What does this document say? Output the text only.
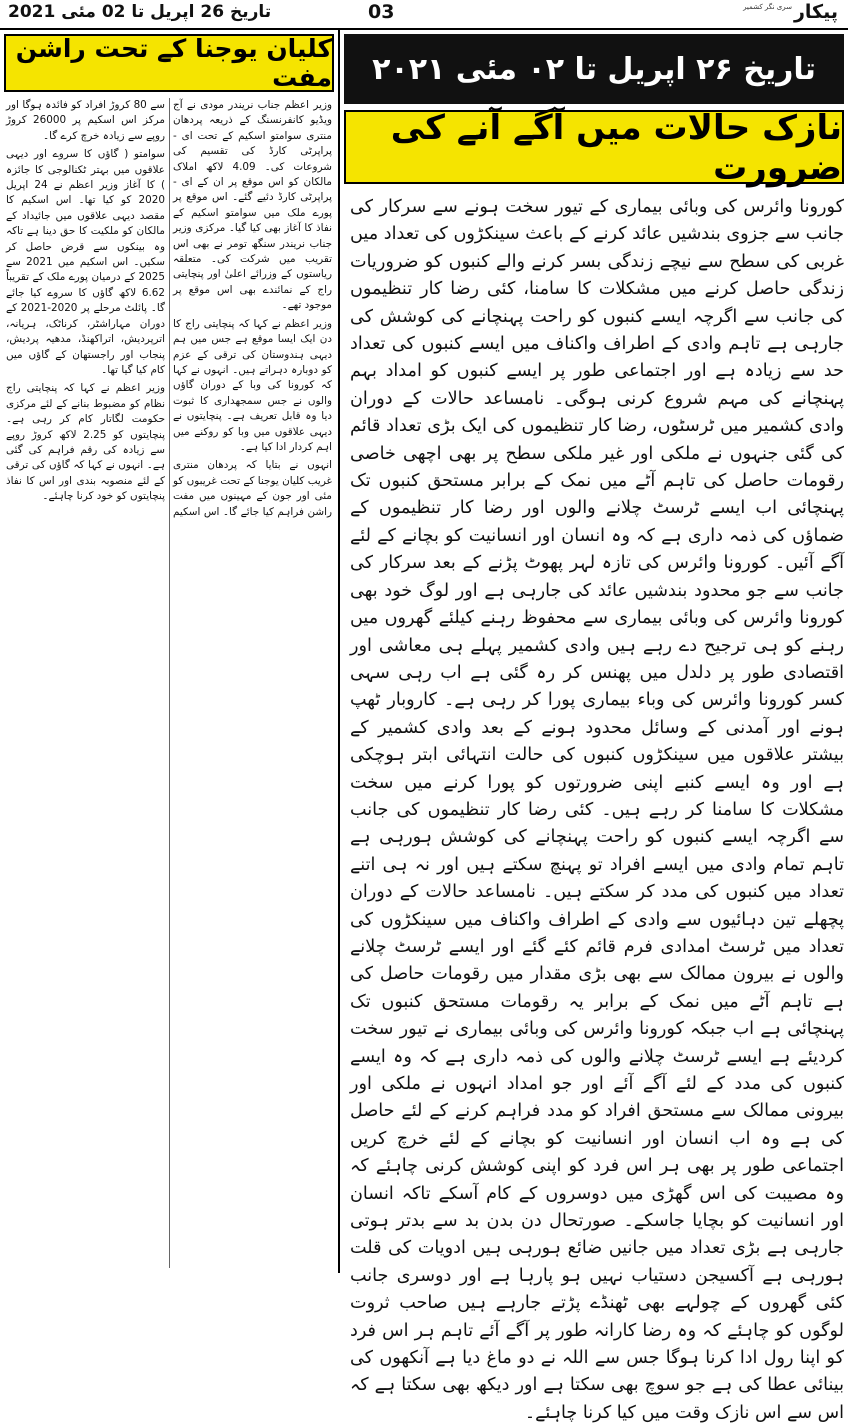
تاریخ 26 اپریل تا 02 مئی 2021	03	سری نگر کشمیر پیکار
کلیان یوجنا کے تحت راشن مفت

وزیر اعظم جناب نریندر مودی نے آج ویڈیو کانفرنسنگ کے ذریعہ پردھان منتری سوامتو اسکیم کے تحت ای - پراپرٹی کارڈ کی تقسیم کی شروعات کی۔ 4.09 لاکھ املاک مالکان کو اس موقع پر ان کے ای - پراپرٹی کارڈ دئیے گئے۔ اس موقع پر پورے ملک میں سوامتو اسکیم کے نفاذ کا آغاز بھی کیا گیا۔ مرکزی وزیر جناب نریندر سنگھ تومر نے بھی اس تقریب میں شرکت کی۔ متعلقہ ریاستوں کے وزرائے اعلیٰ اور پنچایتی راج کے نمائندے بھی اس موقع پر موجود تھے۔

وزیر اعظم نے کہا کہ پنچایتی راج کا دن ایک ایسا موقع ہے جس میں ہم دیہی ہندوستان کی ترقی کے عزم کو دوبارہ دہراتے ہیں۔ انہوں نے کہا کہ کورونا کی وبا کے دوران گاؤں والوں نے جس سمجھداری کا ثبوت دیا وہ قابل تعریف ہے۔ پنچایتوں نے دیہی علاقوں میں وبا کو روکنے میں اہم کردار ادا کیا ہے۔

انہوں نے بتایا کہ پردھان منتری غریب کلیان یوجنا کے تحت غریبوں کو مئی اور جون کے مہینوں میں مفت راشن فراہم کیا جائے گا۔ اس اسکیم سے 80 کروڑ افراد کو فائدہ ہوگا اور مرکز اس اسکیم پر 26000 کروڑ روپے سے زیادہ خرچ کرے گا۔

سوامتو ( گاؤں کا سروے اور دیہی علاقوں میں بہتر ٹکنالوجی کا جائزہ ) کا آغاز وزیر اعظم نے 24 اپریل 2020 کو کیا تھا۔ اس اسکیم کا مقصد دیہی علاقوں میں جائیداد کے مالکان کو ملکیت کا حق دینا ہے تاکہ وہ بینکوں سے قرض حاصل کر سکیں۔ اس اسکیم میں 2021 سے 2025 کے درمیان پورے ملک کے تقریباً 6.62 لاکھ گاؤں کا سروے کیا جائے گا۔ پائلٹ مرحلے پر 2020-2021 کے دوران مہاراشٹر، کرناٹک، ہریانہ، اترپردیش، اتراکھنڈ، مدھیہ پردیش، پنجاب اور راجستھان کے گاؤں میں کام کیا گیا تھا۔

وزیر اعظم نے کہا کہ پنچایتی راج نظام کو مضبوط بنانے کے لئے مرکزی حکومت لگاتار کام کر رہی ہے۔ پنچایتوں کو 2.25 لاکھ کروڑ روپے سے زیادہ کی رقم فراہم کی گئی ہے۔ انہوں نے کہا کہ گاؤں کی ترقی کے لئے منصوبہ بندی اور اس کا نفاذ پنچایتوں کو خود کرنا چاہئے۔

تاریخ ۲۶ اپریل تا ۰۲ مئی ۲۰۲۱
نازک حالات میں آگے آنے کی ضرورت

کورونا وائرس کی وبائی بیماری کے تیور سخت ہونے سے سرکار کی جانب سے جزوی بندشیں عائد کرنے کے باعث سینکڑوں کی تعداد میں غربی کی سطح سے نیچے زندگی بسر کرنے والے کنبوں کو ضروریات زندگی حاصل کرنے میں مشکلات کا سامنا، کئی رضا کار تنظیموں کی جانب سے اگرچہ ایسے کنبوں کو راحت پہنچانے کی کوشش کی جارہی ہے تاہم وادی کے اطراف واکناف میں ایسے کنبوں کی تعداد حد سے زیادہ ہے اور اجتماعی طور پر ایسے کنبوں کو امداد بہم پہنچانے کی مہم شروع کرنی ہوگی۔ نامساعد حالات کے دوران وادی کشمیر میں ٹرسٹوں، رضا کار تنظیموں کی ایک بڑی تعداد قائم کی گئی جنہوں نے ملکی اور غیر ملکی سطح پر بھی اچھی خاصی رقومات حاصل کی تاہم آٹے میں نمک کے برابر مستحق کنبوں تک پہنچائی اب ایسے ٹرسٹ چلانے والوں اور رضا کار تنظیموں کے ضماؤں کی ذمہ داری ہے کہ وہ انسان اور انسانیت کو بچانے کے لئے آگے آئیں۔ کورونا وائرس کی تازہ لہر پھوٹ پڑنے کے بعد سرکار کی جانب سے جو محدود بندشیں عائد کی جارہی ہے اور لوگ خود بھی کورونا وائرس کی وبائی بیماری سے محفوظ رہنے کیلئے گھروں میں رہنے کو ہی ترجیح دے رہے ہیں وادی کشمیر پہلے ہی معاشی اور اقتصادی طور پر دلدل میں پھنس کر رہ گئی ہے اب رہی سہی کسر کورونا وائرس کی وباء بیماری پورا کر رہی ہے۔ کاروبار ٹھپ ہونے اور آمدنی کے وسائل محدود ہونے کے بعد وادی کشمیر کے بیشتر علاقوں میں سینکڑوں کنبوں کی حالت انتہائی ابتر ہوچکی ہے اور وہ ایسے کنبے اپنی ضرورتوں کو پورا کرنے میں سخت مشکلات کا سامنا کر رہے ہیں۔ کئی رضا کار تنظیموں کی جانب سے اگرچہ ایسے کنبوں کو راحت پہنچانے کی کوشش ہورہی ہے تاہم تمام وادی میں ایسے افراد تو پہنچ سکتے ہیں اور نہ ہی اتنے تعداد میں کنبوں کی مدد کر سکتے ہیں۔ نامساعد حالات کے دوران پچھلے تین دہائیوں سے وادی کے اطراف واکناف میں سینکڑوں کی تعداد میں ٹرسٹ امدادی فرم قائم کئے گئے اور ایسے ٹرسٹ چلانے والوں نے بیرون ممالک سے بھی بڑی مقدار میں رقومات حاصل کی ہے تاہم آٹے میں نمک کے برابر یہ رقومات مستحق کنبوں تک پہنچائی ہے اب جبکہ کورونا وائرس کی وبائی بیماری نے تیور سخت کردیئے ہے ایسے ٹرسٹ چلانے والوں کی ذمہ داری ہے کہ وہ ایسے کنبوں کی مدد کے لئے آگے آئے اور جو امداد انہوں نے ملکی اور بیرونی ممالک سے مستحق افراد کو مدد فراہم کرنے کے لئے حاصل کی ہے وہ اب انسان اور انسانیت کو بچانے کے لئے خرچ کریں اجتماعی طور پر بھی ہر اس فرد کو اپنی کوشش کرنی چاہئے کہ وہ مصیبت کی اس گھڑی میں دوسروں کے کام آسکے تاکہ انسان اور انسانیت کو بچایا جاسکے۔ صورتحال دن بدن بد سے بدتر ہوتی جارہی ہے بڑی تعداد میں جانیں ضائع ہورہی ہیں ادویات کی قلت ہورہی ہے آکسیجن دستیاب نہیں ہو پارہا ہے اور دوسری جانب کئی گھروں کے چولہے بھی ٹھنڈے پڑتے جارہے ہیں صاحب ثروت لوگوں کو چاہئے کہ وہ رضا کارانہ طور پر آگے آئے تاہم ہر اس فرد کو اپنا رول ادا کرنا ہوگا جس سے اللہ نے دو ماغ دیا ہے آنکھوں کی بینائی عطا کی ہے جو سوچ بھی سکتا ہے اور دیکھ بھی سکتا ہے کہ اس سے اس نازک وقت میں کیا کرنا چاہئے۔
